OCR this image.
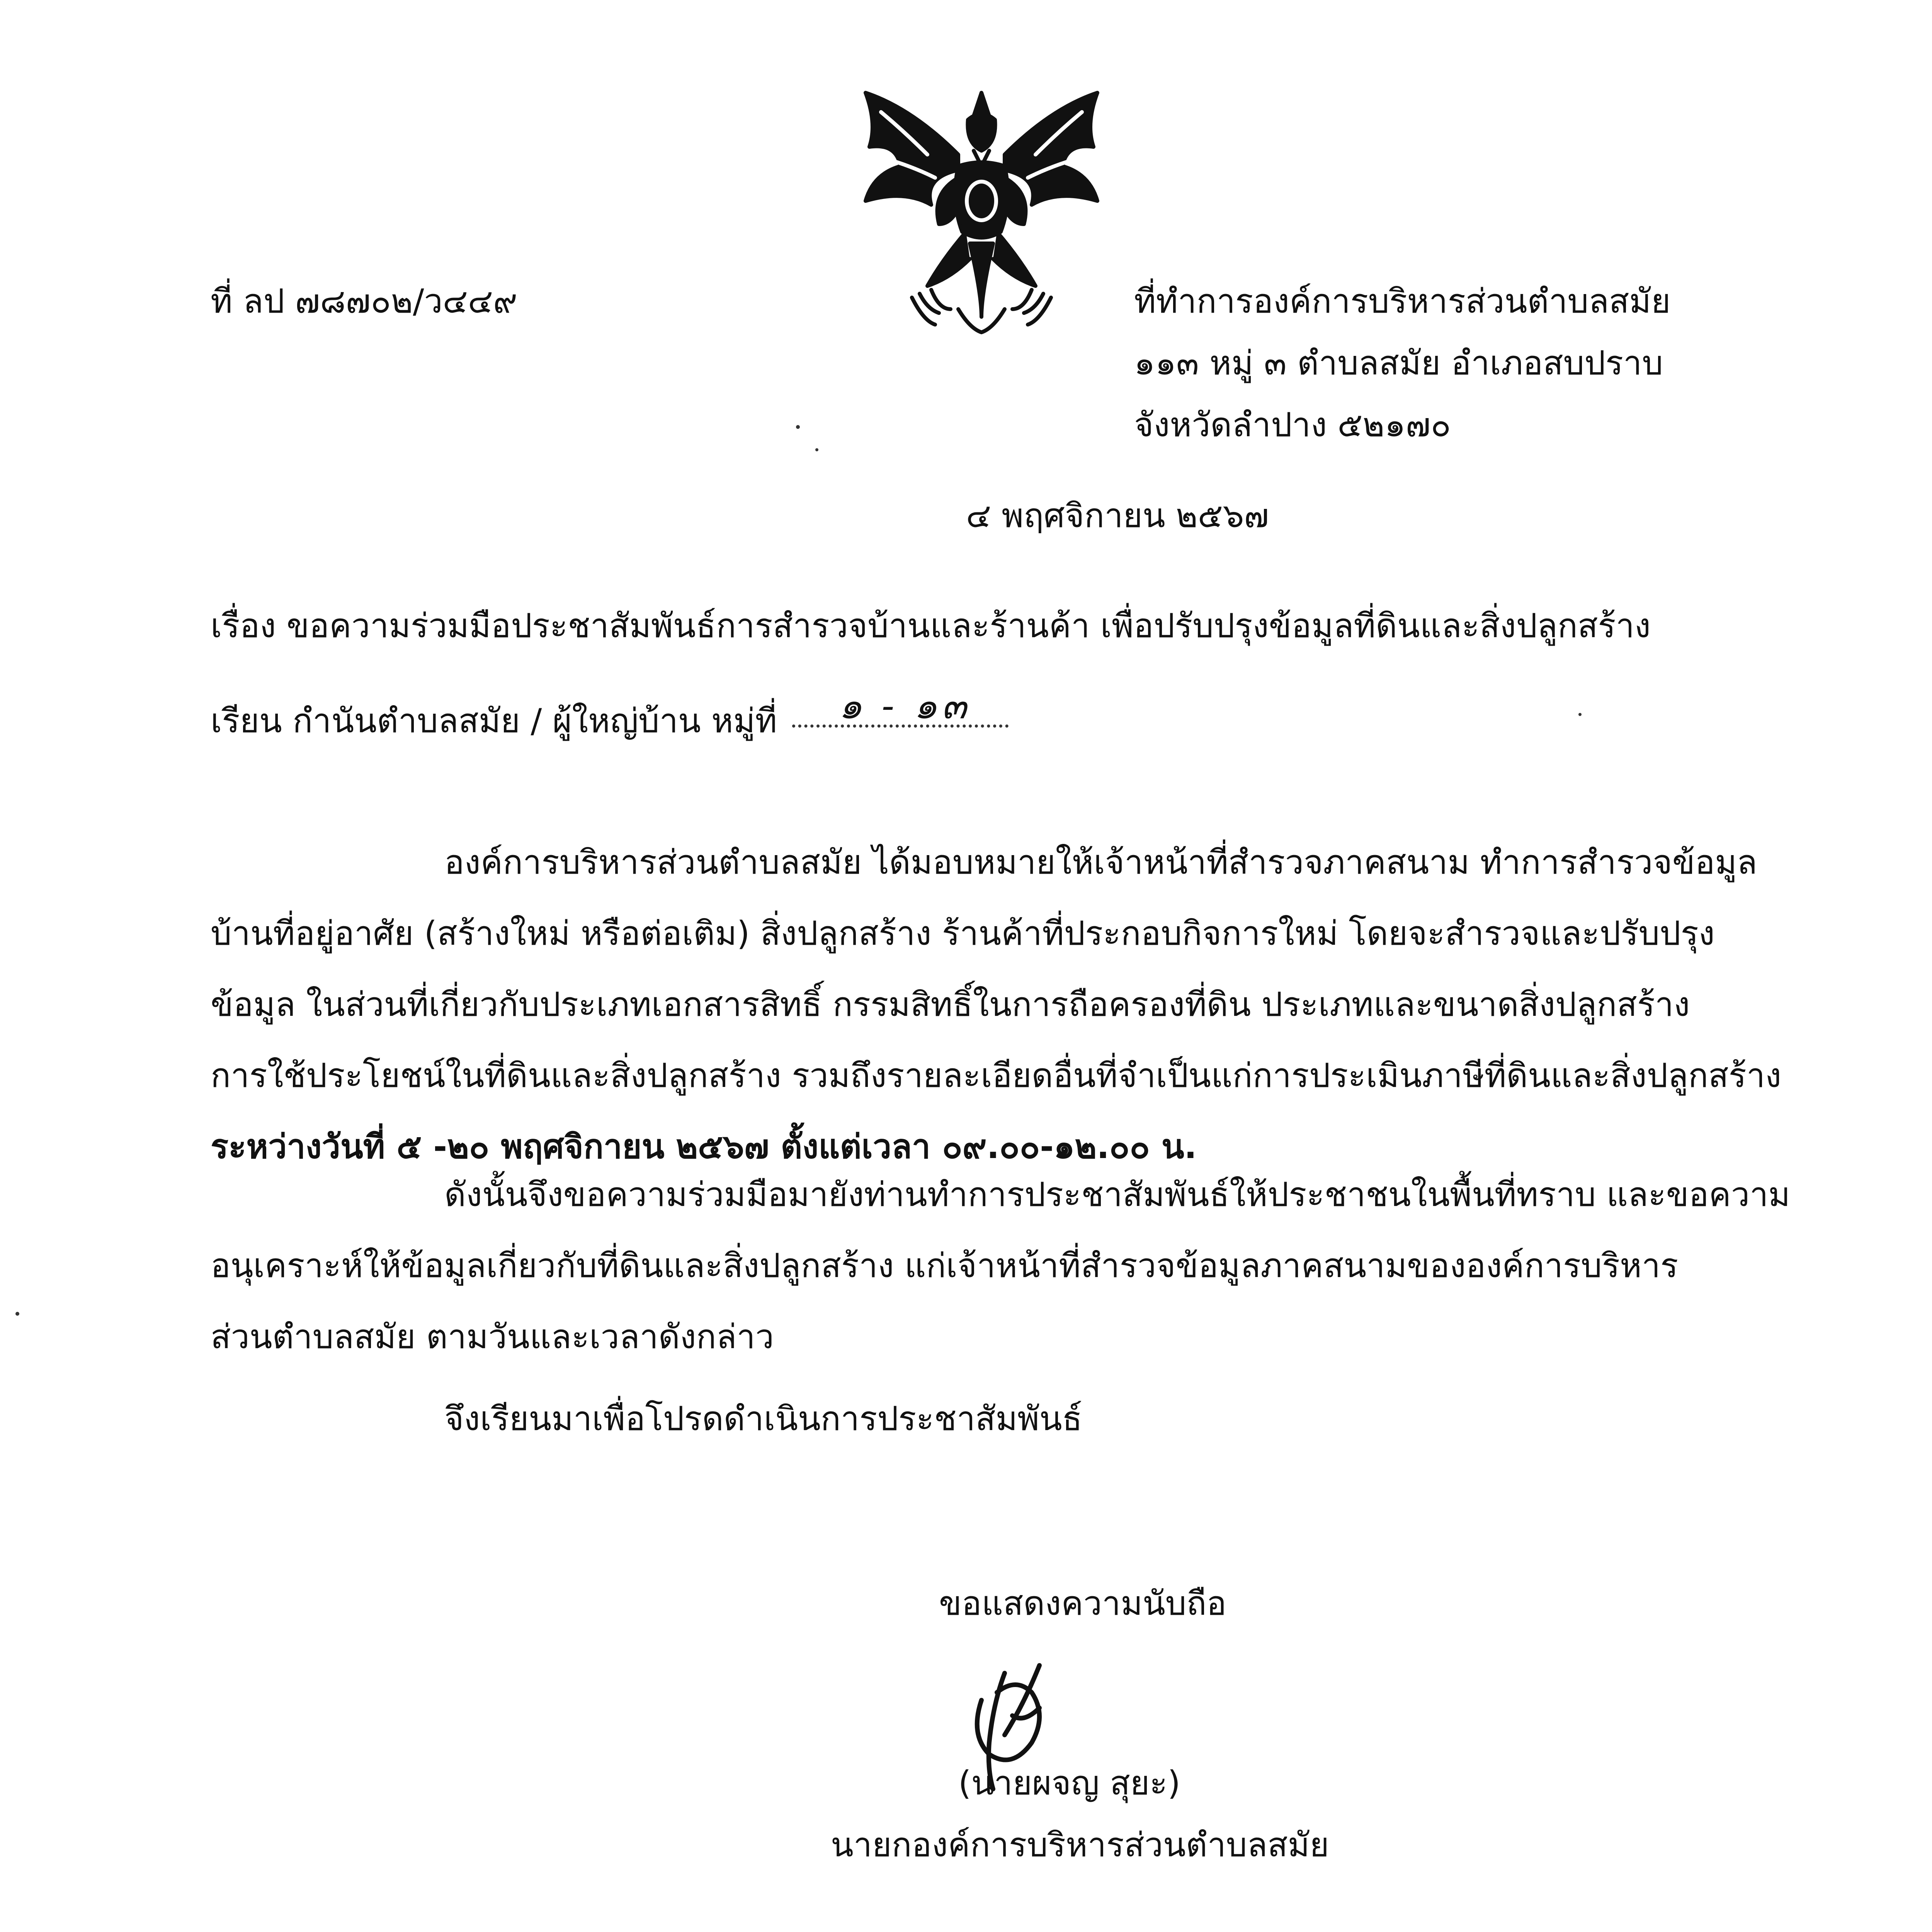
ที่ ลป ๗๘๗๐๒/ว๔๔๙	ที่ทำการองค์การบริหารส่วนตำบลสมัย
๑๑๓ หมู่ ๓ ตำบลสมัย อำเภอสบปราบ
จังหวัดลำปาง ๕๒๑๗๐
๔ พฤศจิกายน ๒๕๖๗
เรื่อง ขอความร่วมมือประชาสัมพันธ์การสำรวจบ้านและร้านค้า เพื่อปรับปรุงข้อมูลที่ดินและสิ่งปลูกสร้าง
เรียน กำนันตำบลสมัย / ผู้ใหญ่บ้าน หมู่ที่ ๑ - ๑๓
องค์การบริหารส่วนตำบลสมัย ได้มอบหมายให้เจ้าหน้าที่สำรวจภาคสนาม ทำการสำรวจข้อมูล
บ้านที่อยู่อาศัย (สร้างใหม่ หรือต่อเติม) สิ่งปลูกสร้าง ร้านค้าที่ประกอบกิจการใหม่ โดยจะสำรวจและปรับปรุง
ข้อมูล ในส่วนที่เกี่ยวกับประเภทเอกสารสิทธิ์ กรรมสิทธิ์ในการถือครองที่ดิน ประเภทและขนาดสิ่งปลูกสร้าง
การใช้ประโยชน์ในที่ดินและสิ่งปลูกสร้าง รวมถึงรายละเอียดอื่นที่จำเป็นแก่การประเมินภาษีที่ดินและสิ่งปลูกสร้าง
ระหว่างวันที่ ๕ -๒๐ พฤศจิกายน ๒๕๖๗ ตั้งแต่เวลา ๐๙.๐๐-๑๒.๐๐ น.
ดังนั้นจึงขอความร่วมมือมายังท่านทำการประชาสัมพันธ์ให้ประชาชนในพื้นที่ทราบ และขอความ
อนุเคราะห์ให้ข้อมูลเกี่ยวกับที่ดินและสิ่งปลูกสร้าง แก่เจ้าหน้าที่สำรวจข้อมูลภาคสนามขององค์การบริหาร
ส่วนตำบลสมัย ตามวันและเวลาดังกล่าว
จึงเรียนมาเพื่อโปรดดำเนินการประชาสัมพันธ์
ขอแสดงความนับถือ
(นายผจญ สุยะ)
นายกองค์การบริหารส่วนตำบลสมัย
